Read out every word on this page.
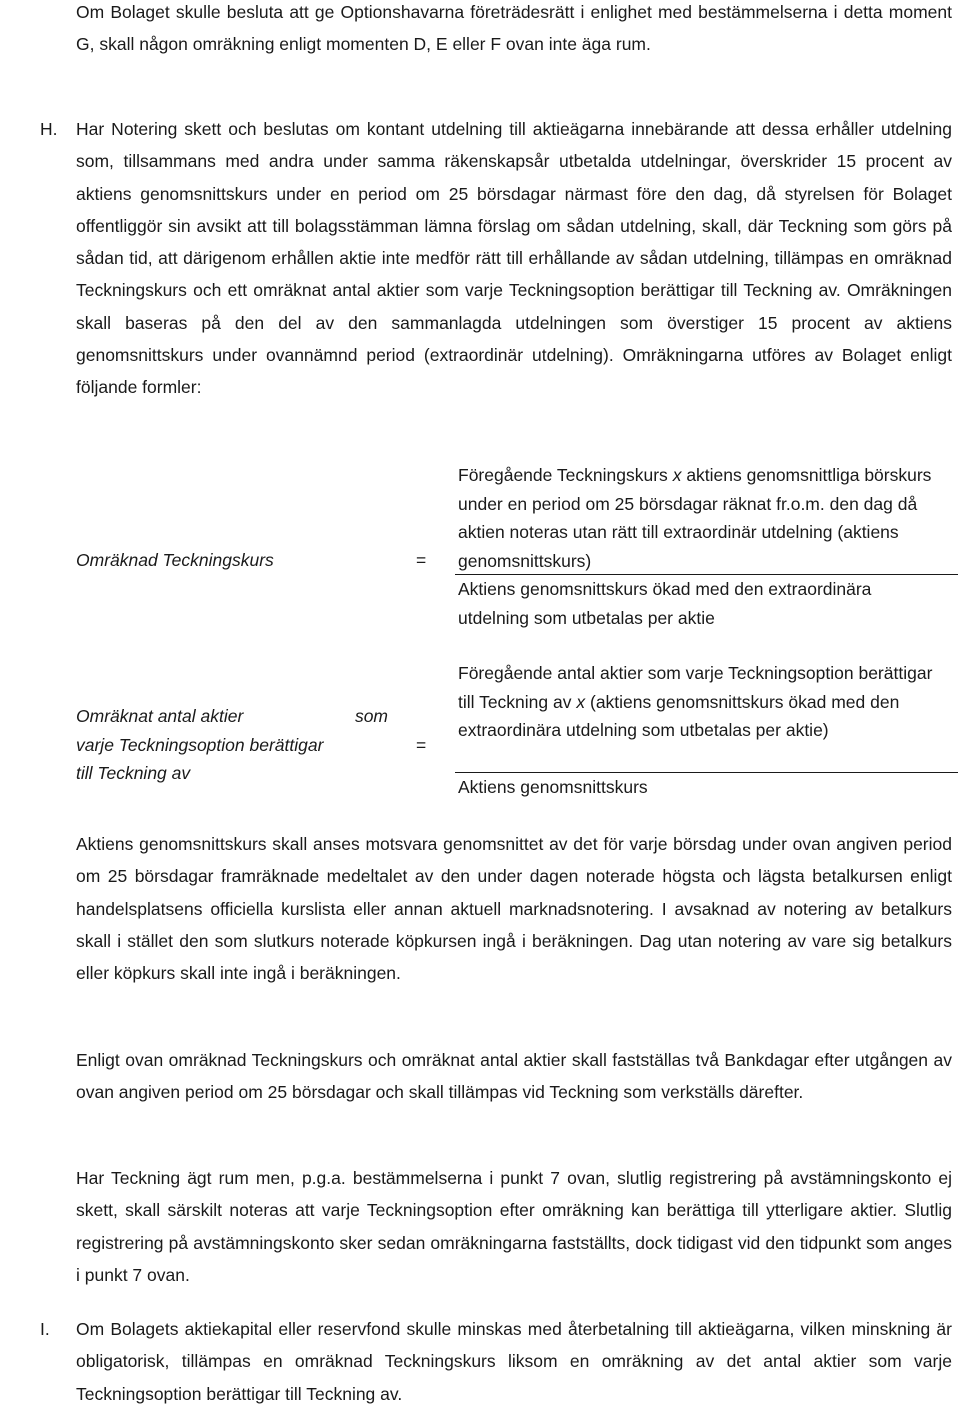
Om Bolaget skulle besluta att ge Optionshavarna företrädesrätt i enlighet med bestämmelserna i detta moment G, skall någon omräkning enligt momenten D, E eller F ovan inte äga rum.

H. Har Notering skett och beslutas om kontant utdelning till aktieägarna innebärande att dessa erhåller utdelning som, tillsammans med andra under samma räkenskapsår utbetalda utdelningar, överskrider 15 procent av aktiens genomsnittskurs under en period om 25 börsdagar närmast före den dag, då styrelsen för Bolaget offentliggör sin avsikt att till bolagsstämman lämna förslag om sådan utdelning, skall, där Teckning som görs på sådan tid, att därigenom erhållen aktie inte medför rätt till erhållande av sådan utdelning, tillämpas en omräknad Teckningskurs och ett omräknat antal aktier som varje Teckningsoption berättigar till Teckning av. Omräkningen skall baseras på den del av den sammanlagda utdelningen som överstiger 15 procent av aktiens genomsnittskurs under ovannämnd period (extraordinär utdelning). Omräkningarna utföres av Bolaget enligt följande formler:

Omräknad Teckningskurs	=

Föregående Teckningskurs x aktiens genomsnittliga börskurs under en period om 25 börsdagar räknat fr.o.m. den dag då aktien noteras utan rätt till extraordinär utdelning (aktiens genomsnittskurs)

Aktiens genomsnittskurs ökad med den extraordinära utdelning som utbetalas per aktie

Omräknat antal aktier	som

varje Teckningsoption berättigar
till Teckning av

=

Föregående antal aktier som varje Teckningsoption berättigar till Teckning av x (aktiens genomsnittskurs ökad med den extraordinära utdelning som utbetalas per aktie)

Aktiens genomsnittskurs

Aktiens genomsnittskurs skall anses motsvara genomsnittet av det för varje börsdag under ovan angiven period om 25 börsdagar framräknade medeltalet av den under dagen noterade högsta och lägsta betalkursen enligt handelsplatsens officiella kurslista eller annan aktuell marknadsnotering. I avsaknad av notering av betalkurs skall i stället den som slutkurs noterade köpkursen ingå i beräkningen. Dag utan notering av vare sig betalkurs eller köpkurs skall inte ingå i beräkningen.

Enligt ovan omräknad Teckningskurs och omräknat antal aktier skall fastställas två Bankdagar efter utgången av ovan angiven period om 25 börsdagar och skall tillämpas vid Teckning som verkställs därefter.

Har Teckning ägt rum men, p.g.a. bestämmelserna i punkt 7 ovan, slutlig registrering på avstämningskonto ej skett, skall särskilt noteras att varje Teckningsoption efter omräkning kan berättiga till ytterligare aktier. Slutlig registrering på avstämningskonto sker sedan omräkningarna fastställts, dock tidigast vid den tidpunkt som anges i punkt 7 ovan.

I. Om Bolagets aktiekapital eller reservfond skulle minskas med återbetalning till aktieägarna, vilken minskning är obligatorisk, tillämpas en omräknad Teckningskurs liksom en omräkning av det antal aktier som varje Teckningsoption berättigar till Teckning av.
